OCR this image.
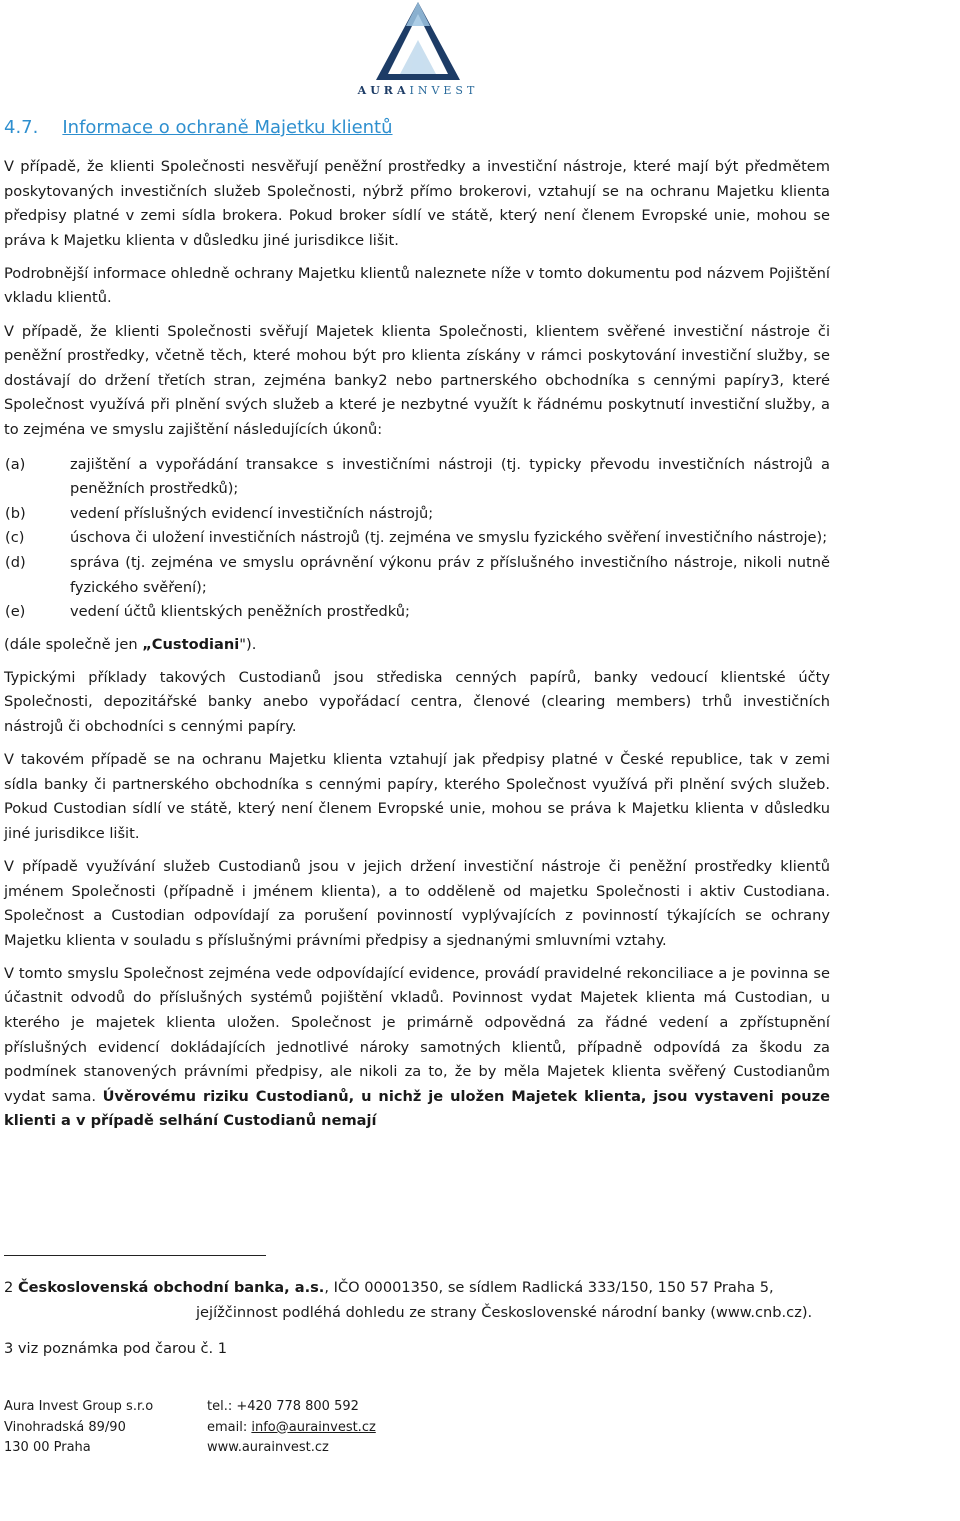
AURAINVEST
4.7. Informace o ochraně Majetku klientů

V případě, že klienti Společnosti nesvěřují peněžní prostředky a investiční nástroje, které mají být předmětem poskytovaných investičních služeb Společnosti, nýbrž přímo brokerovi, vztahují se na ochranu Majetku klienta předpisy platné v zemi sídla brokera. Pokud broker sídlí ve státě, který není členem Evropské unie, mohou se práva k Majetku klienta v důsledku jiné jurisdikce lišit.

Podrobnější informace ohledně ochrany Majetku klientů naleznete níže v tomto dokumentu pod názvem Pojištění vkladu klientů.

V případě, že klienti Společnosti svěřují Majetek klienta Společnosti, klientem svěřené investiční nástroje či peněžní prostředky, včetně těch, které mohou být pro klienta získány v rámci poskytování investiční služby, se dostávají do držení třetích stran, zejména banky2 nebo partnerského obchodníka s cennými papíry3, které Společnost využívá při plnění svých služeb a které je nezbytné využít k řádnému poskytnutí investiční služby, a to zejména ve smyslu zajištění následujících úkonů:

(a)	zajištění a vypořádání transakce s investičními nástroji (tj. typicky převodu investičních nástrojů a peněžních prostředků);
(b)	vedení příslušných evidencí investičních nástrojů;
(c)	úschova či uložení investičních nástrojů (tj. zejména ve smyslu fyzického svěření investičního nástroje);
(d)	správa (tj. zejména ve smyslu oprávnění výkonu práv z příslušného investičního nástroje, nikoli nutně fyzického svěření);
(e)	vedení účtů klientských peněžních prostředků;

(dále společně jen „Custodiani").

Typickými příklady takových Custodianů jsou střediska cenných papírů, banky vedoucí klientské účty Společnosti, depozitářské banky anebo vypořádací centra, členové (clearing members) trhů investičních nástrojů či obchodníci s cennými papíry.

V takovém případě se na ochranu Majetku klienta vztahují jak předpisy platné v České republice, tak v zemi sídla banky či partnerského obchodníka s cennými papíry, kterého Společnost využívá při plnění svých služeb. Pokud Custodian sídlí ve státě, který není členem Evropské unie, mohou se práva k Majetku klienta v důsledku jiné jurisdikce lišit.

V případě využívání služeb Custodianů jsou v jejich držení investiční nástroje či peněžní prostředky klientů jménem Společnosti (případně i jménem klienta), a to odděleně od majetku Společnosti i aktiv Custodiana. Společnost a Custodian odpovídají za porušení povinností vyplývajících z povinností týkajících se ochrany Majetku klienta v souladu s příslušnými právními předpisy a sjednanými smluvními vztahy.

V tomto smyslu Společnost zejména vede odpovídající evidence, provádí pravidelné rekonciliace a je povinna se účastnit odvodů do příslušných systémů pojištění vkladů. Povinnost vydat Majetek klienta má Custodian, u kterého je majetek klienta uložen. Společnost je primárně odpovědná za řádné vedení a zpřístupnění příslušných evidencí dokládajících jednotlivé nároky samotných klientů, případně odpovídá za škodu za podmínek stanovených právními předpisy, ale nikoli za to, že by měla Majetek klienta svěřený Custodianům vydat sama. Úvěrovému riziku Custodianů, u nichž je uložen Majetek klienta, jsou vystaveni pouze klienti a v případě selhání Custodianů nemají

2 Československá obchodní banka, a.s., IČO 00001350, se sídlem Radlická 333/150, 150 57 Praha 5,
jejížčinnost podléhá dohledu ze strany Československé národní banky (www.cnb.cz).
3 viz poznámka pod čarou č. 1
Aura Invest Group s.r.o
Vinohradská 89/90
130 00 Praha
tel.: +420 778 800 592
email: info@aurainvest.cz
www.aurainvest.cz
